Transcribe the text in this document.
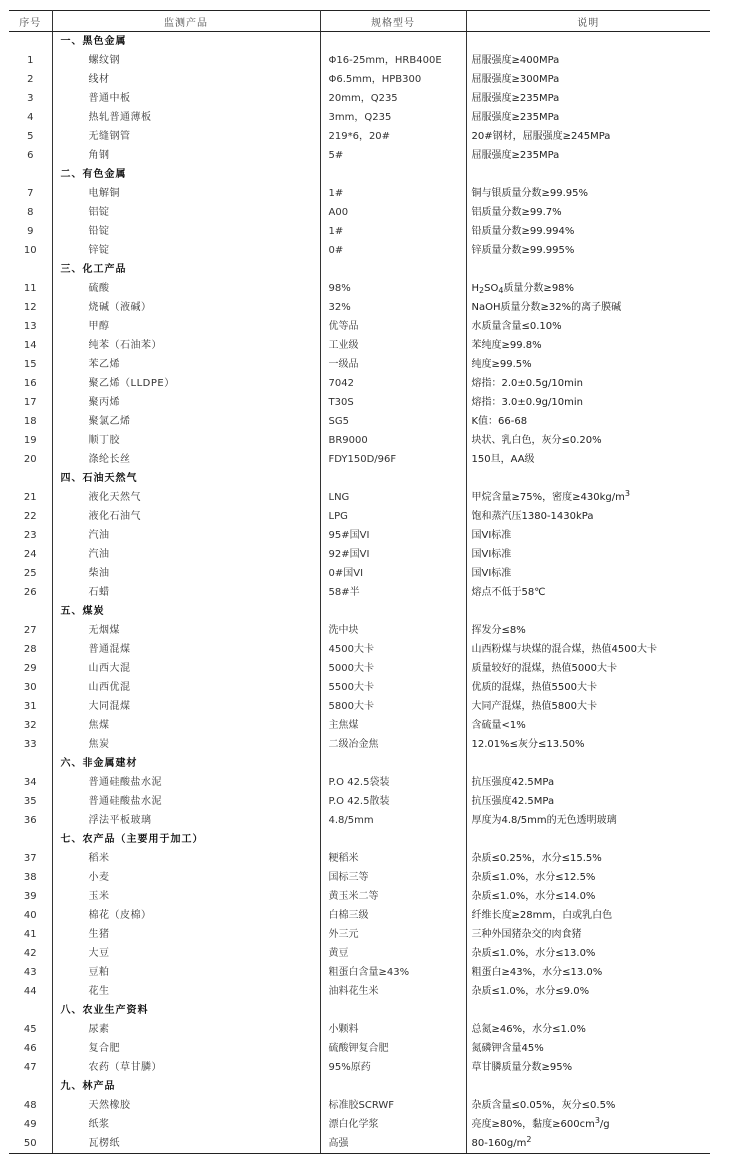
序号	监测产品	规格型号	说明
	一、黑色金属		
1	螺纹钢	Φ16-25mm，HRB400E	屈服强度≥400MPa
2	线材	Φ6.5mm，HPB300	屈服强度≥300MPa
3	普通中板	20mm，Q235	屈服强度≥235MPa
4	热轧普通薄板	3mm，Q235	屈服强度≥235MPa
5	无缝钢管	219*6，20#	20#钢材，屈服强度≥245MPa
6	角钢	5#	屈服强度≥235MPa
	二、有色金属		
7	电解铜	1#	铜与银质量分数≥99.95%
8	铝锭	A00	铝质量分数≥99.7%
9	铅锭	1#	铅质量分数≥99.994%
10	锌锭	0#	锌质量分数≥99.995%
	三、化工产品		
11	硫酸	98%	$H_2SO_4$质量分数≥98%
12	烧碱（液碱）	32%	NaOH质量分数≥32%的离子膜碱
13	甲醇	优等品	水质量含量≤0.10%
14	纯苯（石油苯）	工业级	苯纯度≥99.8%
15	苯乙烯	一级品	纯度≥99.5%
16	聚乙烯（LLDPE）	7042	熔指：2.0±0.5g/10min
17	聚丙烯	T30S	熔指：3.0±0.9g/10min
18	聚氯乙烯	SG5	K值：66-68
19	顺丁胶	BR9000	块状、乳白色，灰分≤0.20%
20	涤纶长丝	FDY150D/96F	150旦，AA级
	四、石油天然气		
21	液化天然气	LNG	甲烷含量≥75%，密度$\ge 430kg/m^3$
22	液化石油气	LPG	饱和蒸汽压1380-1430kPa
23	汽油	95#国VI	国VI标准
24	汽油	92#国VI	国VI标准
25	柴油	0#国VI	国VI标准
26	石蜡	58#半	熔点不低于58℃
	五、煤炭		
27	无烟煤	洗中块	挥发分≤8%
28	普通混煤	4500大卡	山西粉煤与块煤的混合煤，热值4500大卡
29	山西大混	5000大卡	质量较好的混煤，热值5000大卡
30	山西优混	5500大卡	优质的混煤，热值5500大卡
31	大同混煤	5800大卡	大同产混煤，热值5800大卡
32	焦煤	主焦煤	含硫量<1%
33	焦炭	二级冶金焦	12.01%≤灰分≤13.50%
	六、非金属建材		
34	普通硅酸盐水泥	P.O 42.5袋装	抗压强度42.5MPa
35	普通硅酸盐水泥	P.O 42.5散装	抗压强度42.5MPa
36	浮法平板玻璃	4.8/5mm	厚度为4.8/5mm的无色透明玻璃
	七、农产品（主要用于加工）		
37	稻米	粳稻米	杂质≤0.25%，水分≤15.5%
38	小麦	国标三等	杂质≤1.0%，水分≤12.5%
39	玉米	黄玉米二等	杂质≤1.0%，水分≤14.0%
40	棉花（皮棉）	白棉三级	纤维长度≥28mm，白或乳白色
41	生猪	外三元	三种外国猪杂交的肉食猪
42	大豆	黄豆	杂质≤1.0%，水分≤13.0%
43	豆粕	粗蛋白含量≥43%	粗蛋白≥43%，水分≤13.0%
44	花生	油料花生米	杂质≤1.0%，水分≤9.0%
	八、农业生产资料		
45	尿素	小颗料	总氮≥46%，水分≤1.0%
46	复合肥	硫酸钾复合肥	氮磷钾含量45%
47	农药（草甘膦）	95%原药	草甘膦质量分数≥95%
	九、林产品		
48	天然橡胶	标准胶SCRWF	杂质含量≤0.05%，灰分≤0.5%
49	纸浆	漂白化学浆	亮度≥80%，黏度$\ge 600cm^3/g$
50	瓦楞纸	高强	$80-160g/m^2$
